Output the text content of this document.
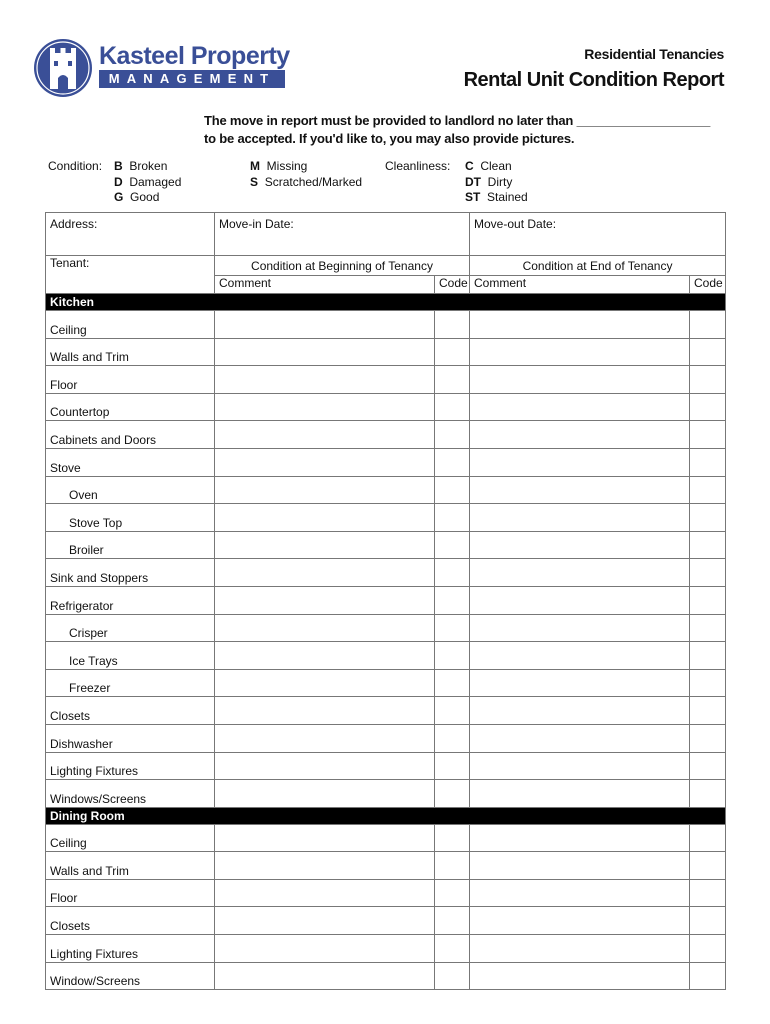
Kasteel Property
MANAGEMENT
Residential Tenancies
Rental Unit Condition Report
The move in report must be provided to landlord no later than ___________________ to be accepted. If you'd like to, you may also provide pictures.
Condition: B Broken
D Damaged
G Good
M Missing
S Scratched/Marked
Cleanliness: C Clean
DT Dirty
ST Stained
Address:	Move-in Date:		Move-out Date:	
Tenant:	Condition at Beginning of Tenancy		Condition at End of Tenancy	
	Comment	Code	Comment	Code
Kitchen				
Ceiling				
Walls and Trim				
Floor				
Countertop				
Cabinets and Doors				
Stove				
Oven				
Stove Top				
Broiler				
Sink and Stoppers				
Refrigerator				
Crisper				
Ice Trays				
Freezer				
Closets				
Dishwasher				
Lighting Fixtures				
Windows/Screens				
Dining Room				
Ceiling				
Walls and Trim				
Floor				
Closets				
Lighting Fixtures				
Window/Screens				
